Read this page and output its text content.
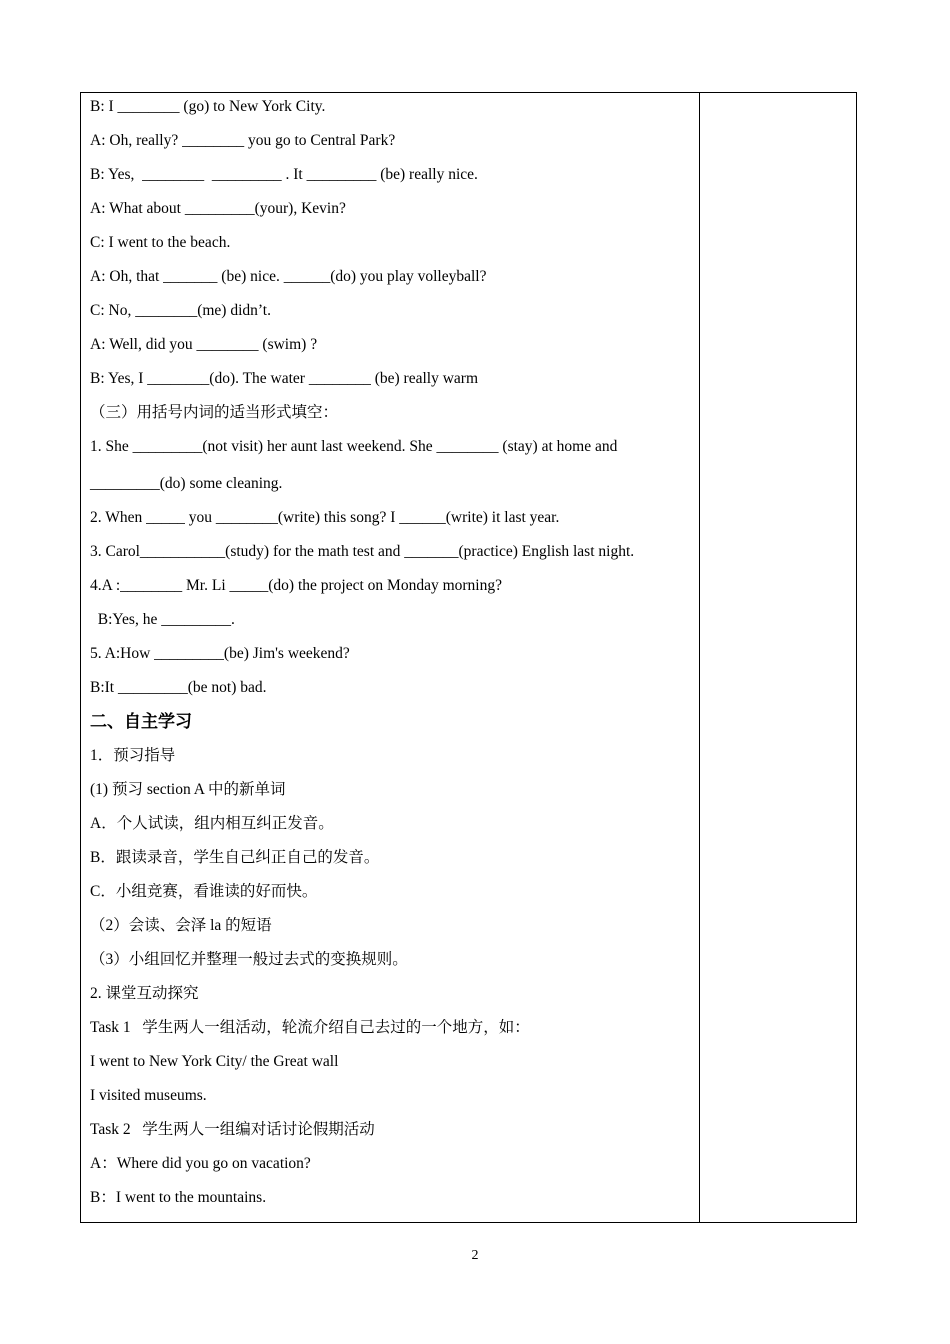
B: I ________ (go) to New York City.
A: Oh, really? ________ you go to Central Park?
B: Yes,  ________  _________ . It _________ (be) really nice.
A: What about _________(your), Kevin?
C: I went to the beach.
A: Oh, that _______ (be) nice. ______(do) you play volleyball?
C: No, ________(me) didn’t.
A: Well, did you ________ (swim) ?
B: Yes, I ________(do). The water ________ (be) really warm
（三）用括号内词的适当形式填空：
1. She _________(not visit) her aunt last weekend. She ________ (stay) at home and
_________(do) some cleaning.
2. When _____ you ________(write) this song? I ______(write) it last year.
3. Carol___________(study) for the math test and _______(practice) English last night.
4.A :________ Mr. Li _____(do) the project on Monday morning?
B:Yes, he _________.
5. A:How _________(be) Jim's weekend?
B:It _________(be not) bad.
二、自主学习
1．预习指导
(1) 预习 section A 中的新单词
A．个人试读，组内相互纠正发音。
B．跟读录音，学生自己纠正自己的发音。
C．小组竞赛，看谁读的好而快。
（2）会读、会泽 la 的短语
（3）小组回忆并整理一般过去式的变换规则。
2. 课堂互动探究
Task 1   学生两人一组活动，轮流介绍自己去过的一个地方，如：
I went to New York City/ the Great wall
I visited museums.
Task 2   学生两人一组编对话讨论假期活动
A：Where did you go on vacation?
B：I went to the mountains.
2
